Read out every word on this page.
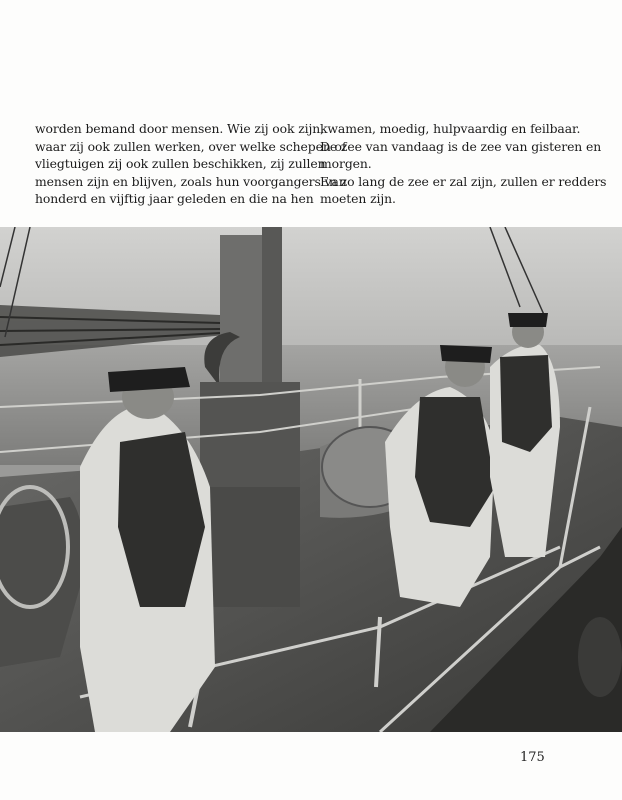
worden bemand door mensen. Wie zij ook zijn,
waar zij ook zullen werken, over welke schepen of
vliegtuigen zij ook zullen beschikken, zij zullen
mensen zijn en blijven, zoals hun voorgangers van
honderd en vijftig jaar geleden en die na hen
kwamen, moedig, hulpvaardig en feilbaar.
De zee van vandaag is de zee van gisteren en
morgen.
En zo lang de zee er zal zijn, zullen er redders
moeten zijn.
175
